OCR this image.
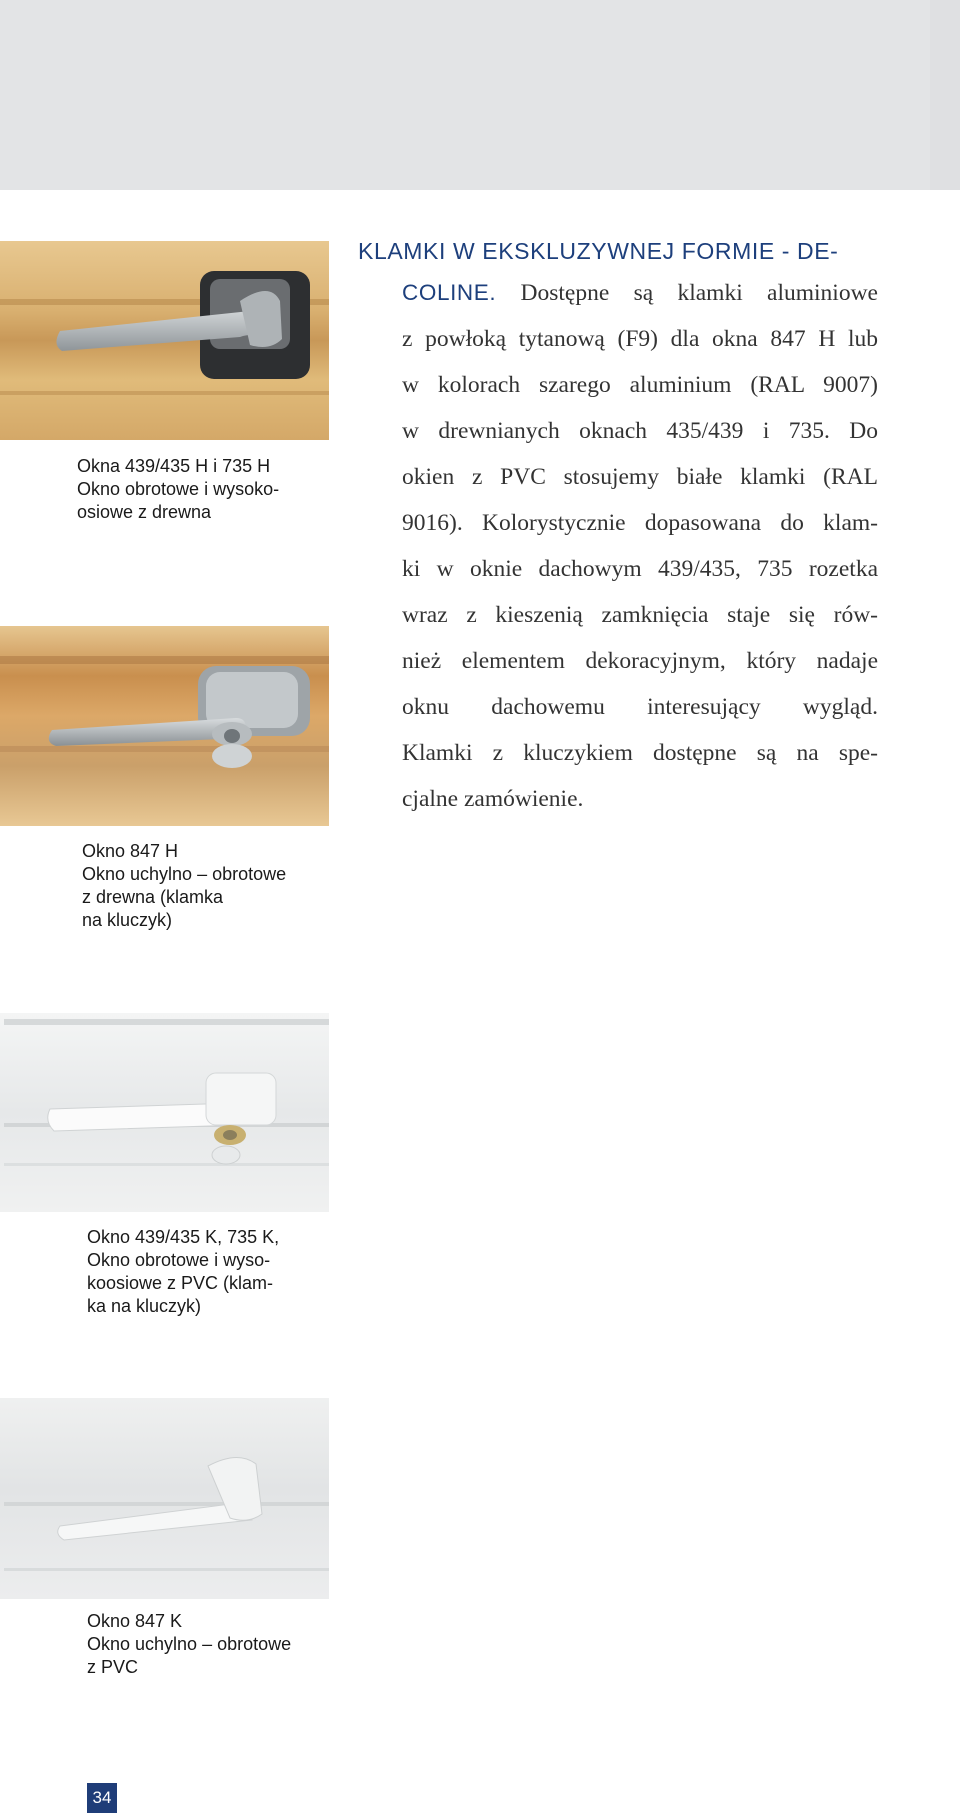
Okna 439/435 H i 735 H
Okno obrotowe i wysoko-
osiowe z drewna
Okno 847 H
Okno uchylno – obrotowe
z drewna (klamka
na kluczyk)
Okno 439/435 K, 735 K,
Okno obrotowe i wyso-
koosiowe z PVC (klam-
ka na kluczyk)
Okno 847 K
Okno uchylno – obrotowe
z PVC
KLAMKI W EKSKLUZYWNEJ FORMIE - DE-
COLINE. Dostępne są klamki aluminiowe
z powłoką tytanową (F9) dla okna 847 H lub
w kolorach szarego aluminium (RAL 9007)
w drewnianych oknach 435/439 i 735. Do
okien z PVC stosujemy białe klamki (RAL
9016). Kolorystycznie dopasowana do klam-
ki w oknie dachowym 439/435, 735 rozetka
wraz z kieszenią zamknięcia staje się rów-
nież elementem dekoracyjnym, który nadaje
oknu dachowemu interesujący wygląd.
Klamki z kluczykiem dostępne są na spe-
cjalne zamówienie.
34
